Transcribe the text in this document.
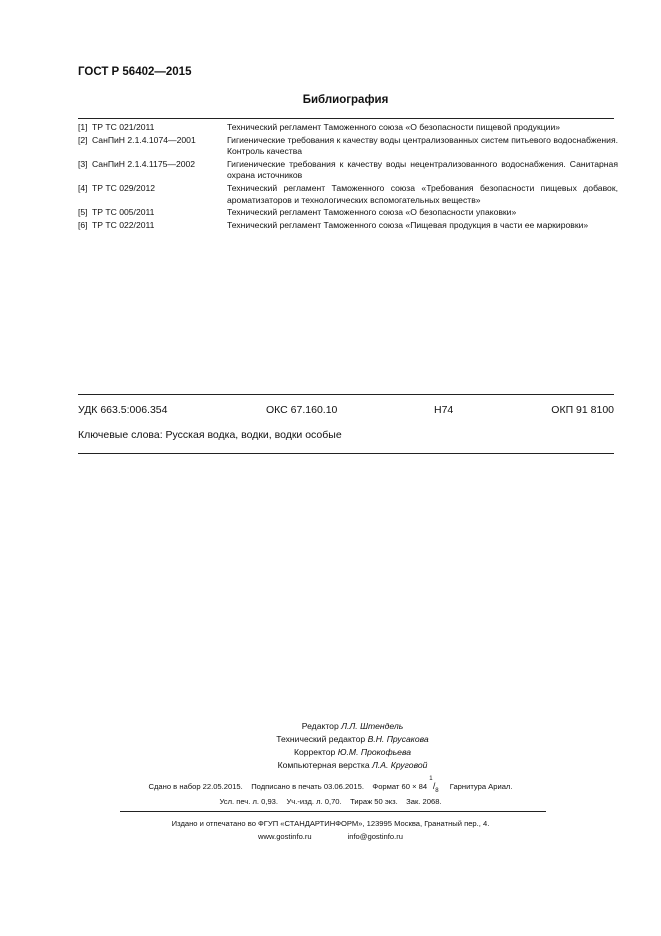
ГОСТ Р 56402—2015
Библиография
[1] ТР ТС 021/2011	Технический регламент Таможенного союза «О безопасности пищевой продукции»
[2] СанПиН 2.1.4.1074—2001	Гигиенические требования к качеству воды централизованных систем питьевого водоснабжения. Контроль качества
[3] СанПиН 2.1.4.1175—2002	Гигиенические требования к качеству воды нецентрализованного водоснабжения. Санитарная охрана источников
[4] ТР ТС 029/2012	Технический регламент Таможенного союза «Требования безопасности пищевых добавок, ароматизаторов и технологических вспомогательных веществ»
[5] ТР ТС 005/2011	Технический регламент Таможенного союза «О безопасности упаковки»
[6] ТР ТС 022/2011	Технический регламент Таможенного союза «Пищевая продукция в части ее маркировки»
УДК 663.5:006.354	ОКС 67.160.10	Н74	ОКП 91 8100
Ключевые слова: Русская водка, водки, водки особые
Редактор Л.Л. Штендель
Технический редактор В.Н. Прусакова
Корректор Ю.М. Прокофьева
Компьютерная верстка Л.А. Круговой
Сдано в набор 22.05.2015. Подписано в печать 03.06.2015. Формат 60 × 84
1
/ 8 Гарнитура Ариал.
Усл. печ. л. 0,93. Уч.-изд. л. 0,70. Тираж 50 экз. Зак. 2068.
Издано и отпечатано во ФГУП «СТАНДАРТИНФОРМ», 123995 Москва, Гранатный пер., 4.
www.gostinfo.ru	info@gostinfo.ru
